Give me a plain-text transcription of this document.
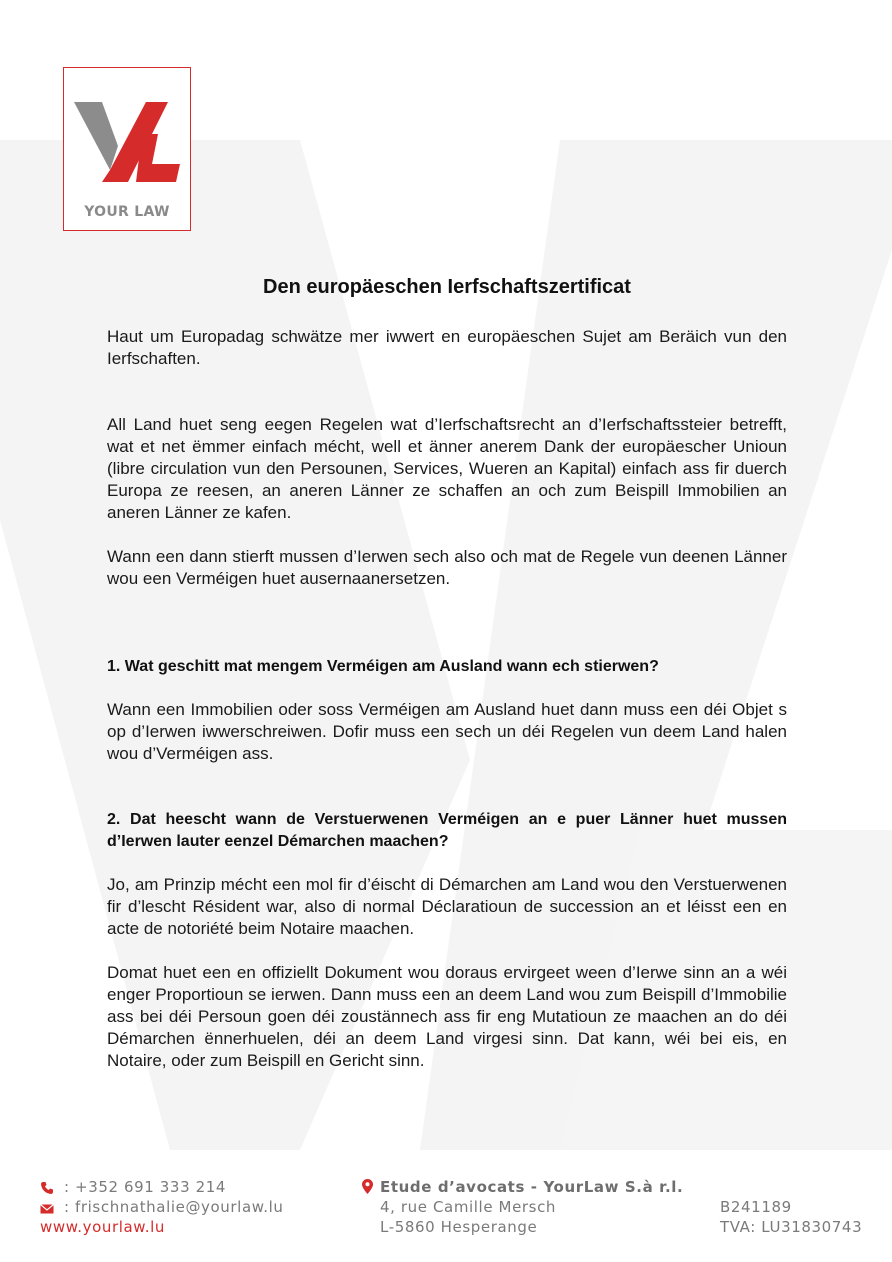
YOUR LAW
Den europäeschen Ierfschaftszertificat

Haut um Europadag schwätze mer iwwert en europäeschen Sujet am Beräich vun den Ierfschaften.

All Land huet seng eegen Regelen wat d’Ierfschaftsrecht an d’Ierfschaftssteier betrefft, wat et net ëmmer einfach mécht, well et änner anerem Dank der europäescher Unioun (libre circulation vun den Persounen, Services, Wueren an Kapital) einfach ass fir duerch Europa ze reesen, an aneren Länner ze schaffen an och zum Beispill Immobilien an aneren Länner ze kafen.

Wann een dann stierft mussen d’Ierwen sech also och mat de Regele vun deenen Länner wou een Verméigen huet ausernaanersetzen.

1. Wat geschitt mat mengem Verméigen am Ausland wann ech stierwen?

Wann een Immobilien oder soss Verméigen am Ausland huet dann muss een déi Objet s op d’Ierwen iwwerschreiwen. Dofir muss een sech un déi Regelen vun deem Land halen wou d’Verméigen ass.

2. Dat heescht wann de Verstuerwenen Verméigen an e puer Länner huet mussen d’Ierwen lauter eenzel Démarchen maachen?

Jo, am Prinzip mécht een mol fir d’éischt di Démarchen am Land wou den Verstuerwenen fir d’lescht Résident war, also di normal Déclaratioun de succession an et léisst een en acte de notoriété beim Notaire maachen.

Domat huet een en offiziellt Dokument wou doraus ervirgeet ween d’Ierwe sinn an a wéi enger Proportioun se ierwen. Dann muss een an deem Land wou zum Beispill d’Immobilie ass bei déi Persoun goen déi zoustännech ass fir eng Mutatioun ze maachen an do déi Démarchen ënnerhuelen, déi an deem Land virgesi sinn. Dat kann, wéi bei eis, en Notaire, oder zum Beispill en Gericht sinn.

: +352 691 333 214
: frischnathalie@yourlaw.lu
www.yourlaw.lu
Etude d’avocats - YourLaw S.à r.l.
4, rue Camille Mersch
L-5860 Hesperange
B241189
TVA: LU31830743
